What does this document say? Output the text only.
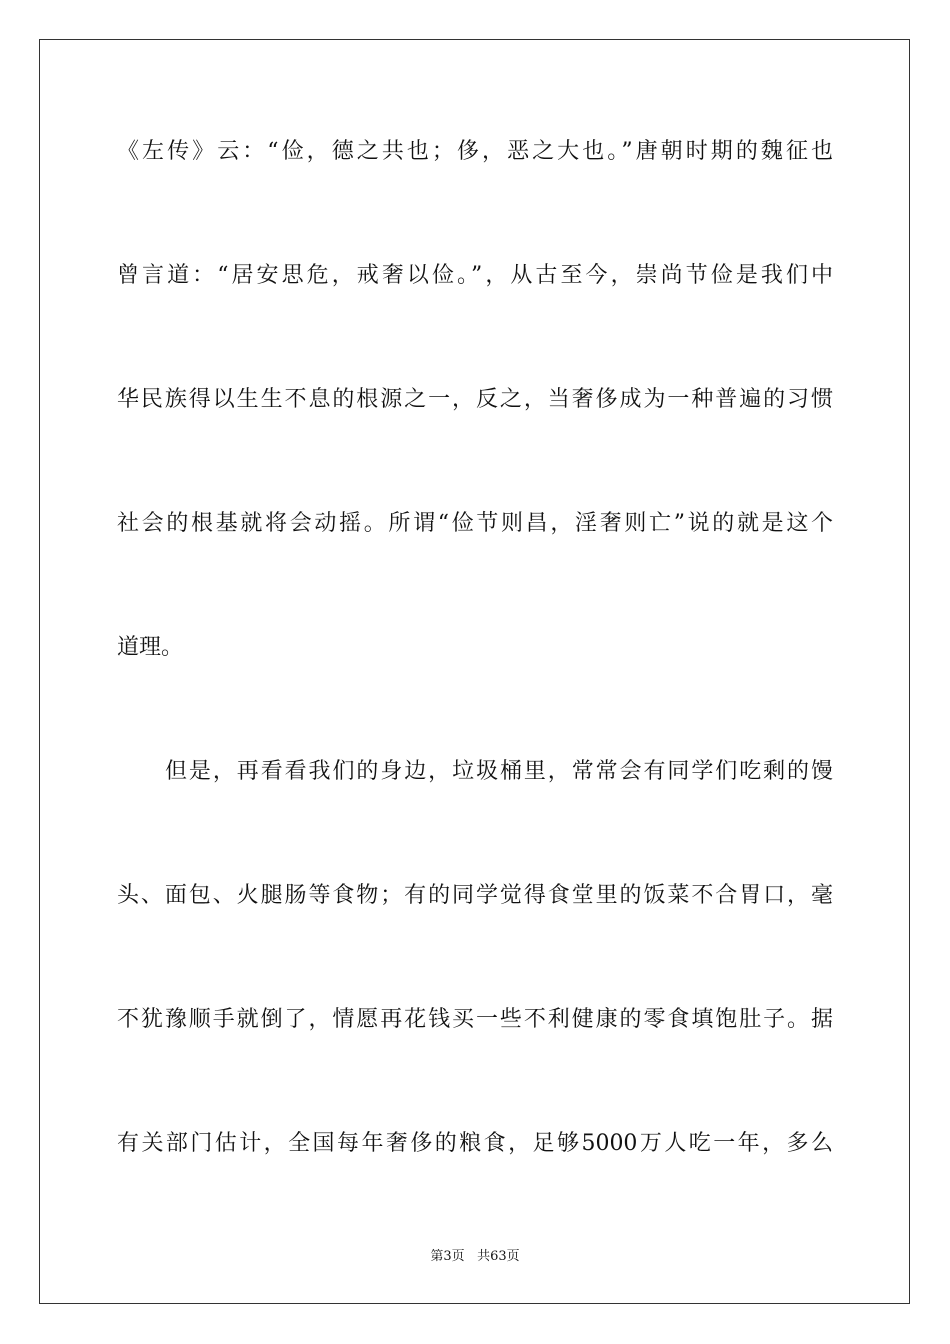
《左传》云：“俭，德之共也；侈，恶之大也。”唐朝时期的魏征也
曾言道：“居安思危，戒奢以俭。”，从古至今，崇尚节俭是我们中
华民族得以生生不息的根源之一，反之，当奢侈成为一种普遍的习惯
社会的根基就将会动摇。所谓“俭节则昌，淫奢则亡”说的就是这个
道理。
但是，再看看我们的身边，垃圾桶里，常常会有同学们吃剩的馒
头、面包、火腿肠等食物；有的同学觉得食堂里的饭菜不合胃口，毫
不犹豫顺手就倒了，情愿再花钱买一些不利健康的零食填饱肚子。据
有关部门估计，全国每年奢侈的粮食，足够5000万人吃一年，多么
第3页 共63页
